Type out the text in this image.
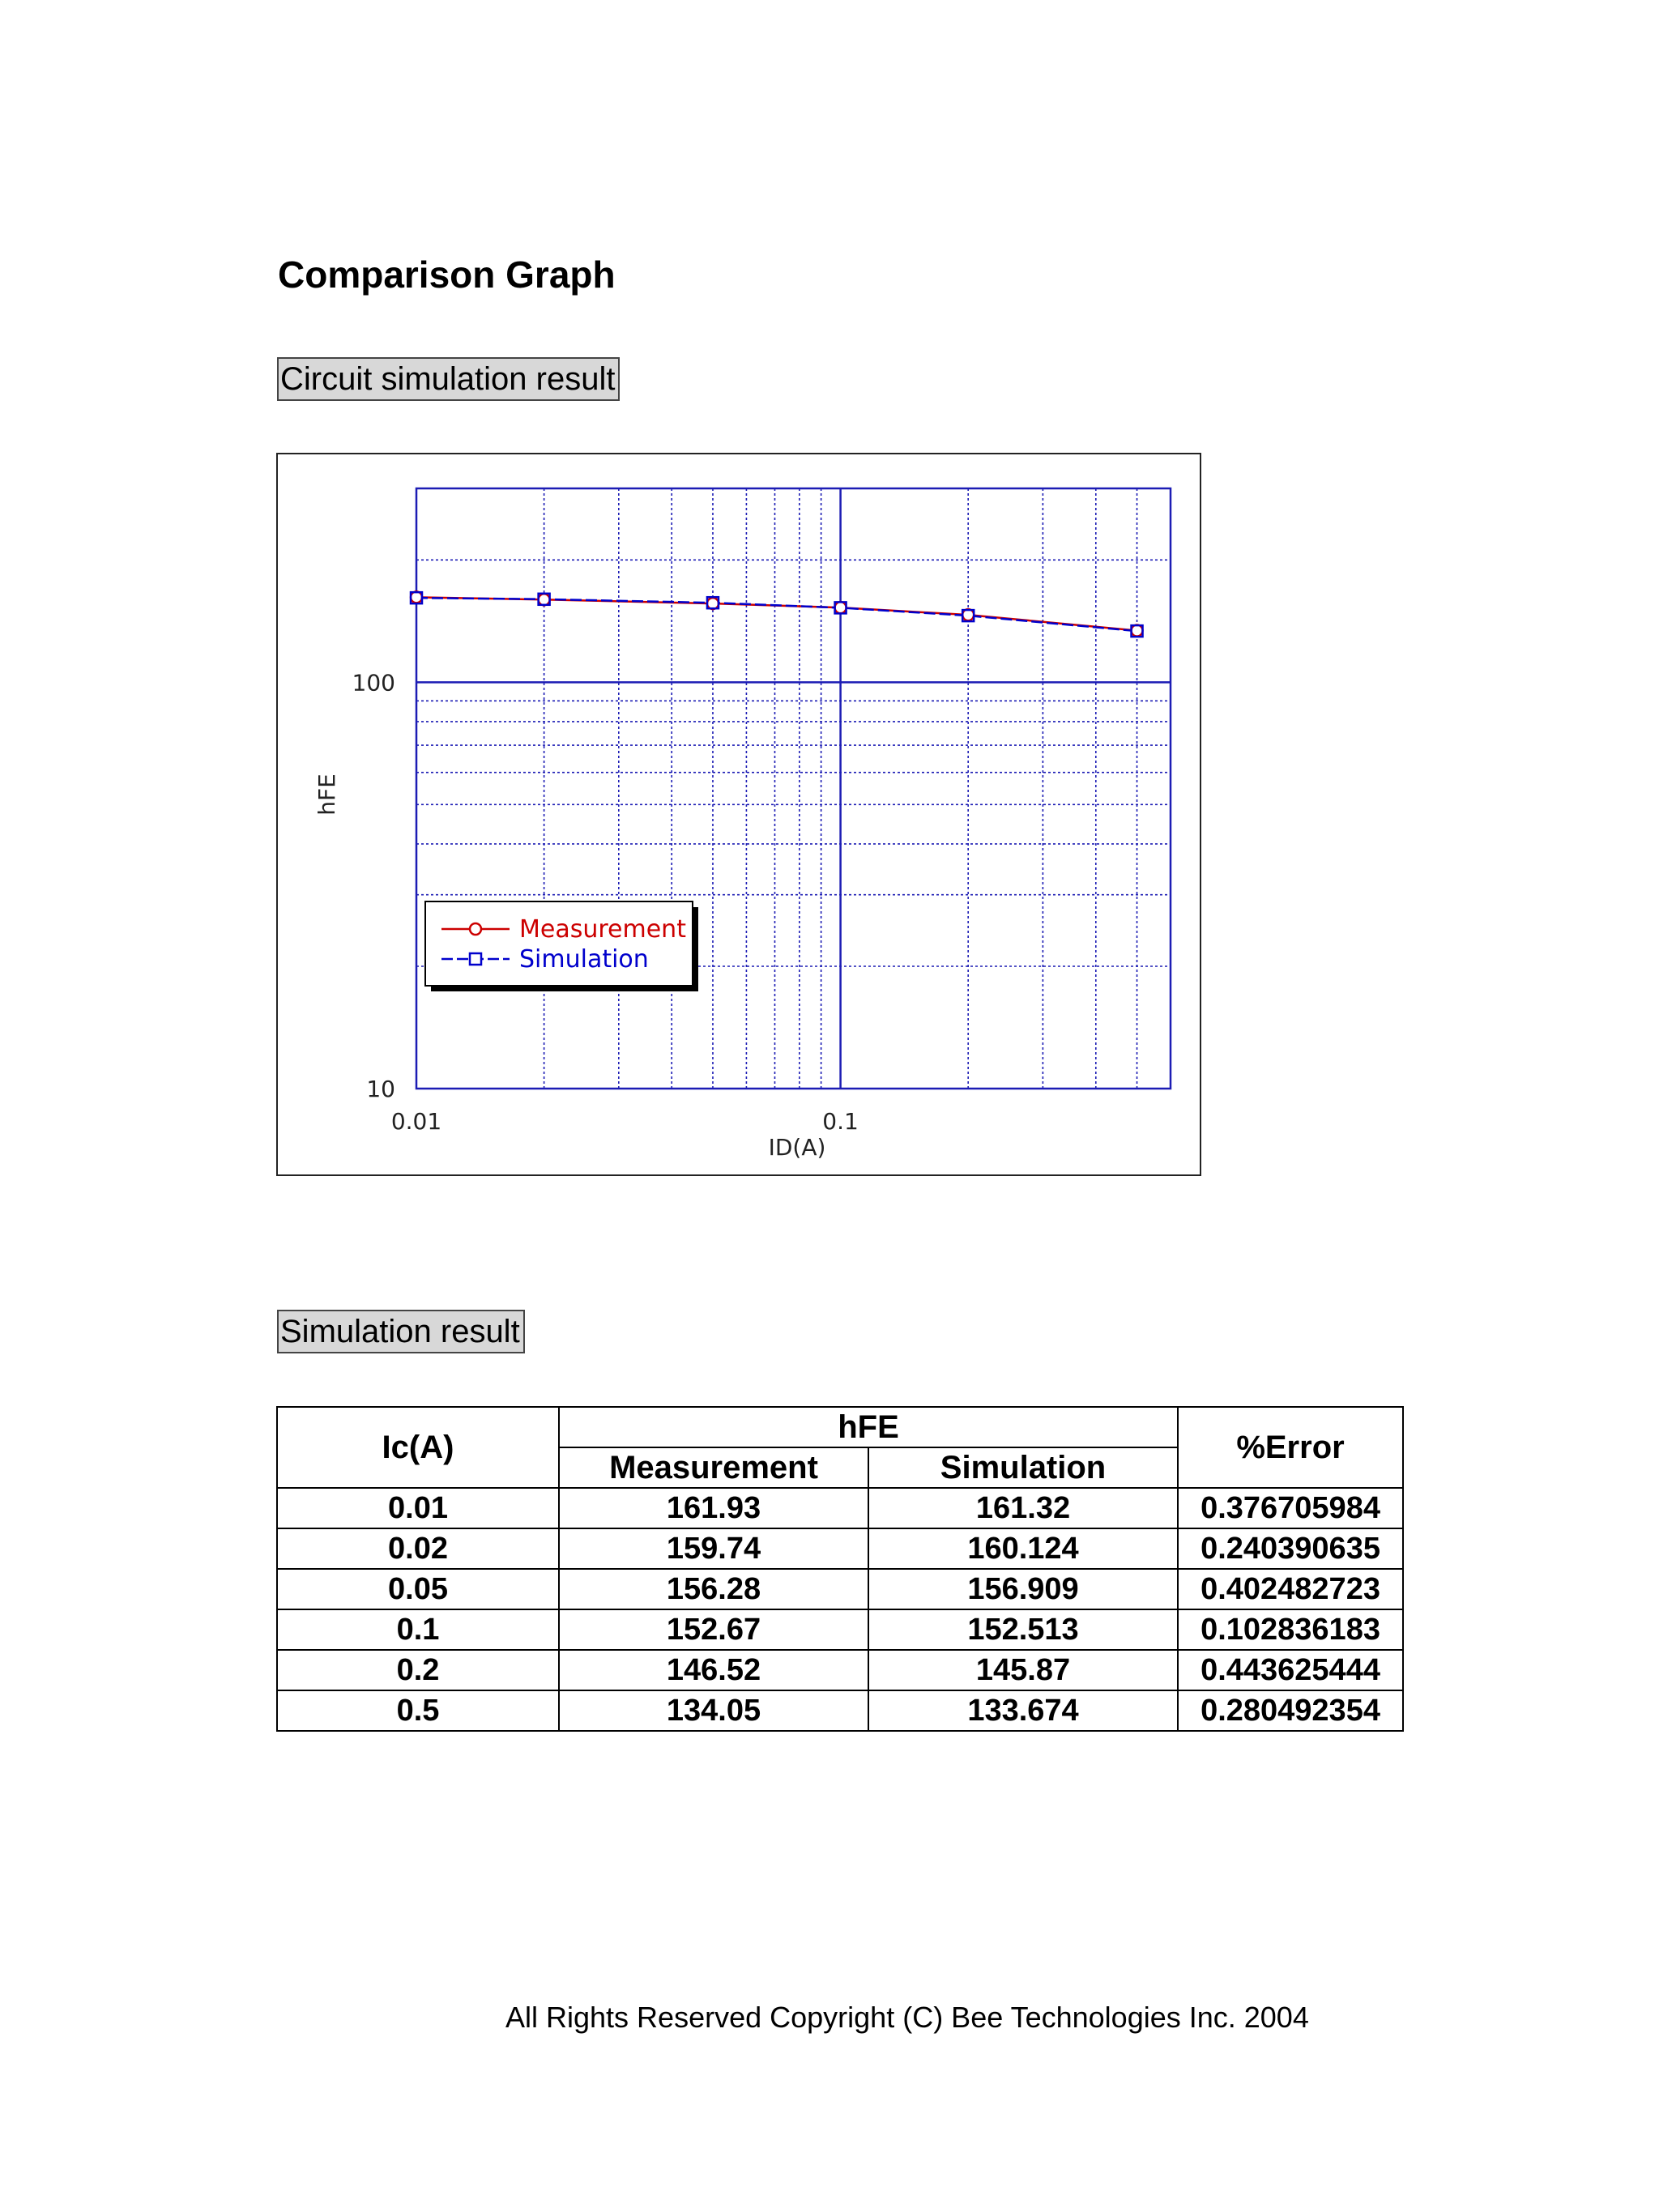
Comparison Graph
Circuit simulation result
Measurement
Simulation
0.01	0.1
10
100
ID(A)
hFE
Simulation result
Ic(A)	hFE		%Error
	Measurement	Simulation	
0.01	161.93	161.32	0.376705984
0.02	159.74	160.124	0.240390635
0.05	156.28	156.909	0.402482723
0.1	152.67	152.513	0.102836183
0.2	146.52	145.87	0.443625444
0.5	134.05	133.674	0.280492354
All Rights Reserved Copyright (C) Bee Technologies Inc. 2004
